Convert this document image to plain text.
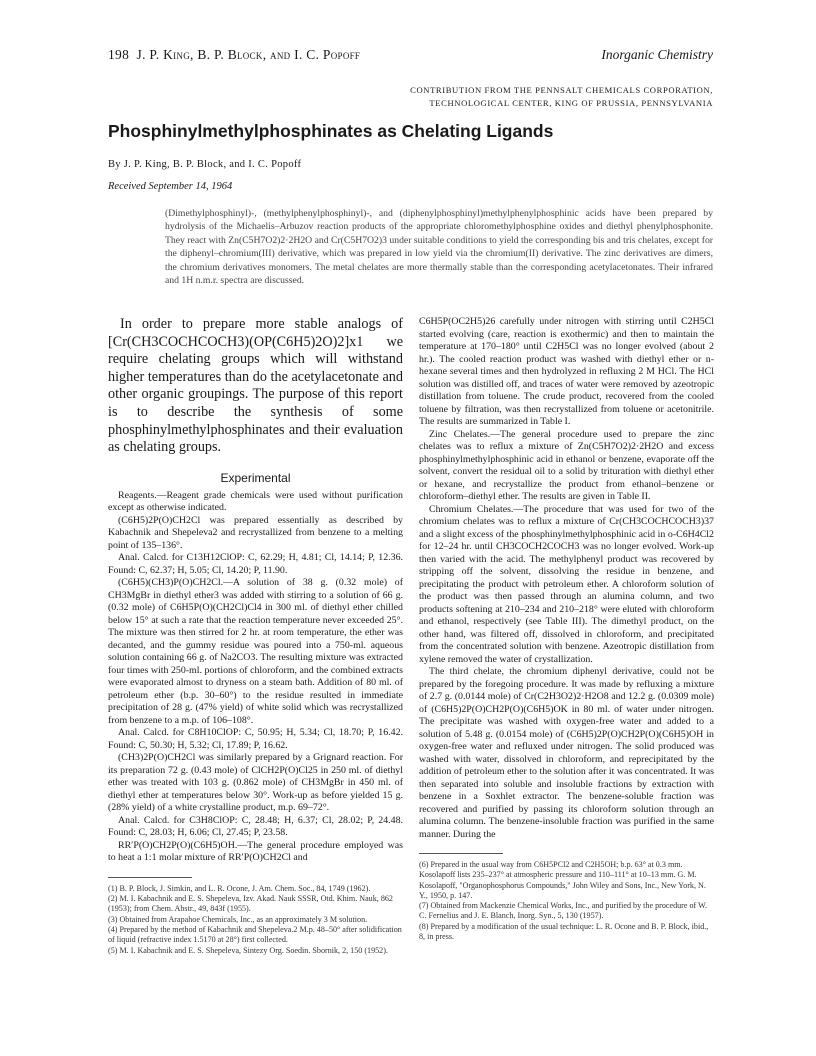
198 J. P. King, B. P. Block, and I. C. Popoff	Inorganic Chemistry
CONTRIBUTION FROM THE PENNSALT CHEMICALS CORPORATION,
TECHNOLOGICAL CENTER, KING OF PRUSSIA, PENNSYLVANIA
Phosphinylmethylphosphinates as Chelating Ligands
By J. P. King, B. P. Block, and I. C. Popoff
Received September 14, 1964
(Dimethylphosphinyl)-, (methylphenylphosphinyl)-, and (diphenylphosphinyl)methylphenylphosphinic acids have been prepared by hydrolysis of the Michaelis–Arbuzov reaction products of the appropriate chloromethylphosphine oxides and diethyl phenylphosphonite. They react with Zn(C5H7O2)2·2H2O and Cr(C5H7O2)3 under suitable conditions to yield the corresponding bis and tris chelates, except for the diphenyl–chromium(III) derivative, which was prepared in low yield via the chromium(II) derivative. The zinc derivatives are dimers, the chromium derivatives monomers. The metal chelates are more thermally stable than the corresponding acetylacetonates. Their infrared and 1H n.m.r. spectra are discussed.

In order to prepare more stable analogs of [Cr(CH3COCHCOCH3)(OP(C6H5)2O)2]x1 we require chelating groups which will withstand higher temperatures than do the acetylacetonate and other organic groupings. The purpose of this report is to describe the synthesis of some phosphinylmethylphosphinates and their evaluation as chelating groups.

Experimental

Reagents.—Reagent grade chemicals were used without purification except as otherwise indicated.

(C6H5)2P(O)CH2Cl was prepared essentially as described by Kabachnik and Shepeleva2 and recrystallized from benzene to a melting point of 135–136°.

Anal. Calcd. for C13H12ClOP: C, 62.29; H, 4.81; Cl, 14.14; P, 12.36. Found: C, 62.37; H, 5.05; Cl, 14.20; P, 11.90.

(C6H5)(CH3)P(O)CH2Cl.—A solution of 38 g. (0.32 mole) of CH3MgBr in diethyl ether3 was added with stirring to a solution of 66 g. (0.32 mole) of C6H5P(O)(CH2Cl)Cl4 in 300 ml. of diethyl ether chilled below 15° at such a rate that the reaction temperature never exceeded 25°. The mixture was then stirred for 2 hr. at room temperature, the ether was decanted, and the gummy residue was poured into a 750-ml. aqueous solution containing 66 g. of Na2CO3. The resulting mixture was extracted four times with 250-ml. portions of chloroform, and the combined extracts were evaporated almost to dryness on a steam bath. Addition of 80 ml. of petroleum ether (b.p. 30–60°) to the residue resulted in immediate precipitation of 28 g. (47% yield) of white solid which was recrystallized from benzene to a m.p. of 106–108°.

Anal. Calcd. for C8H10ClOP: C, 50.95; H, 5.34; Cl, 18.70; P, 16.42. Found: C, 50.30; H, 5.32; Cl, 17.89; P, 16.62.

(CH3)2P(O)CH2Cl was similarly prepared by a Grignard reaction. For its preparation 72 g. (0.43 mole) of ClCH2P(O)Cl25 in 250 ml. of diethyl ether was treated with 103 g. (0.862 mole) of CH3MgBr in 450 ml. of diethyl ether at temperatures below 30°. Work-up as before yielded 15 g. (28% yield) of a white crystalline product, m.p. 69–72°.

Anal. Calcd. for C3H8ClOP: C, 28.48; H, 6.37; Cl, 28.02; P, 24.48. Found: C, 28.03; H, 6.06; Cl, 27.45; P, 23.58.

RR′P(O)CH2P(O)(C6H5)OH.—The general procedure employed was to heat a 1:1 molar mixture of RR′P(O)CH2Cl and

(1) B. P. Block, J. Simkin, and L. R. Ocone, J. Am. Chem. Soc., 84, 1749 (1962).

(2) M. I. Kabachnik and E. S. Shepeleva, Izv. Akad. Nauk SSSR, Otd. Khim. Nauk, 862 (1953); from Chem. Abstr., 49, 843f (1955).

(3) Obtained from Arapahoe Chemicals, Inc., as an approximately 3 M solution.

(4) Prepared by the method of Kabachnik and Shepeleva.2 M.p. 48–50° after solidification of liquid (refractive index 1.5170 at 28°) first collected.

(5) M. I. Kabachnik and E. S. Shepeleva, Sintezy Org. Soedin. Sbornik, 2, 150 (1952).

C6H5P(OC2H5)26 carefully under nitrogen with stirring until C2H5Cl started evolving (care, reaction is exothermic) and then to maintain the temperature at 170–180° until C2H5Cl was no longer evolved (about 2 hr.). The cooled reaction product was washed with diethyl ether or n-hexane several times and then hydrolyzed in refluxing 2 M HCl. The HCl solution was distilled off, and traces of water were removed by azeotropic distillation from toluene. The crude product, recovered from the cooled toluene by filtration, was then recrystallized from toluene or acetonitrile. The results are summarized in Table I.

Zinc Chelates.—The general procedure used to prepare the zinc chelates was to reflux a mixture of Zn(C5H7O2)2·2H2O and excess phosphinylmethylphosphinic acid in ethanol or benzene, evaporate off the solvent, convert the residual oil to a solid by trituration with diethyl ether or hexane, and recrystallize the product from ethanol–benzene or chloroform–diethyl ether. The results are given in Table II.

Chromium Chelates.—The procedure that was used for two of the chromium chelates was to reflux a mixture of Cr(CH3COCHCOCH3)37 and a slight excess of the phosphinylmethylphosphinic acid in o-C6H4Cl2 for 12–24 hr. until CH3COCH2COCH3 was no longer evolved. Work-up then varied with the acid. The methylphenyl product was recovered by stripping off the solvent, dissolving the residue in benzene, and precipitating the product with petroleum ether. A chloroform solution of the product was then passed through an alumina column, and two products softening at 210–234 and 210–218° were eluted with chloroform and ethanol, respectively (see Table III). The dimethyl product, on the other hand, was filtered off, dissolved in chloroform, and precipitated from the concentrated solution with benzene. Azeotropic distillation from xylene removed the water of crystallization.

The third chelate, the chromium diphenyl derivative, could not be prepared by the foregoing procedure. It was made by refluxing a mixture of 2.7 g. (0.0144 mole) of Cr(C2H3O2)2·H2O8 and 12.2 g. (0.0309 mole) of (C6H5)2P(O)CH2P(O)(C6H5)OK in 80 ml. of water under nitrogen. The precipitate was washed with oxygen-free water and added to a solution of 5.48 g. (0.0154 mole) of (C6H5)2P(O)CH2P(O)(C6H5)OH in oxygen-free water and refluxed under nitrogen. The solid produced was washed with water, dissolved in chloroform, and reprecipitated by the addition of petroleum ether to the solution after it was concentrated. It was then separated into soluble and insoluble fractions by extraction with benzene in a Soxhlet extractor. The benzene-soluble fraction was recovered and purified by passing its chloroform solution through an alumina column. The benzene-insoluble fraction was purified in the same manner. During the

(6) Prepared in the usual way from C6H5PCl2 and C2H5OH; b.p. 63° at 0.3 mm. Kosolapoff lists 235–237° at atmospheric pressure and 110–111° at 10–13 mm. G. M. Kosolapoff, "Organophosphorus Compounds," John Wiley and Sons, Inc., New York, N. Y., 1950, p. 147.

(7) Obtained from Mackenzie Chemical Works, Inc., and purified by the procedure of W. C. Fernelius and J. E. Blanch, Inorg. Syn., 5, 130 (1957).

(8) Prepared by a modification of the usual technique: L. R. Ocone and B. P. Block, ibid., 8, in press.
